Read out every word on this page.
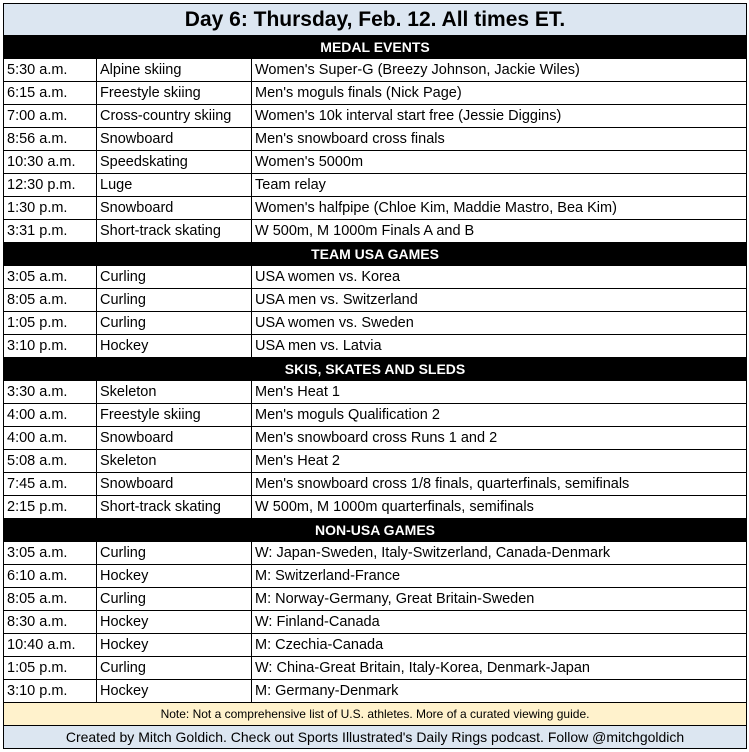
Day 6: Thursday, Feb. 12. All times ET.		
MEDAL EVENTS		
5:30 a.m.	Alpine skiing	Women's Super-G (Breezy Johnson, Jackie Wiles)
6:15 a.m.	Freestyle skiing	Men's moguls finals (Nick Page)
7:00 a.m.	Cross-country skiing	Women's 10k interval start free (Jessie Diggins)
8:56 a.m.	Snowboard	Men's snowboard cross finals
10:30 a.m.	Speedskating	Women's 5000m
12:30 p.m.	Luge	Team relay
1:30 p.m.	Snowboard	Women's halfpipe (Chloe Kim, Maddie Mastro, Bea Kim)
3:31 p.m.	Short-track skating	W 500m, M 1000m Finals A and B
TEAM USA GAMES		
3:05 a.m.	Curling	USA women vs. Korea
8:05 a.m.	Curling	USA men vs. Switzerland
1:05 p.m.	Curling	USA women vs. Sweden
3:10 p.m.	Hockey	USA men vs. Latvia
SKIS, SKATES AND SLEDS		
3:30 a.m.	Skeleton	Men's Heat 1
4:00 a.m.	Freestyle skiing	Men's moguls Qualification 2
4:00 a.m.	Snowboard	Men's snowboard cross Runs 1 and 2
5:08 a.m.	Skeleton	Men's Heat 2
7:45 a.m.	Snowboard	Men's snowboard cross 1/8 finals, quarterfinals, semifinals
2:15 p.m.	Short-track skating	W 500m, M 1000m quarterfinals, semifinals
NON-USA GAMES		
3:05 a.m.	Curling	W: Japan-Sweden, Italy-Switzerland, Canada-Denmark
6:10 a.m.	Hockey	M: Switzerland-France
8:05 a.m.	Curling	M: Norway-Germany, Great Britain-Sweden
8:30 a.m.	Hockey	W: Finland-Canada
10:40 a.m.	Hockey	M: Czechia-Canada
1:05 p.m.	Curling	W: China-Great Britain, Italy-Korea, Denmark-Japan
3:10 p.m.	Hockey	M: Germany-Denmark
Note: Not a comprehensive list of U.S. athletes. More of a curated viewing guide.		
Created by Mitch Goldich. Check out Sports Illustrated's Daily Rings podcast. Follow @mitchgoldich		
